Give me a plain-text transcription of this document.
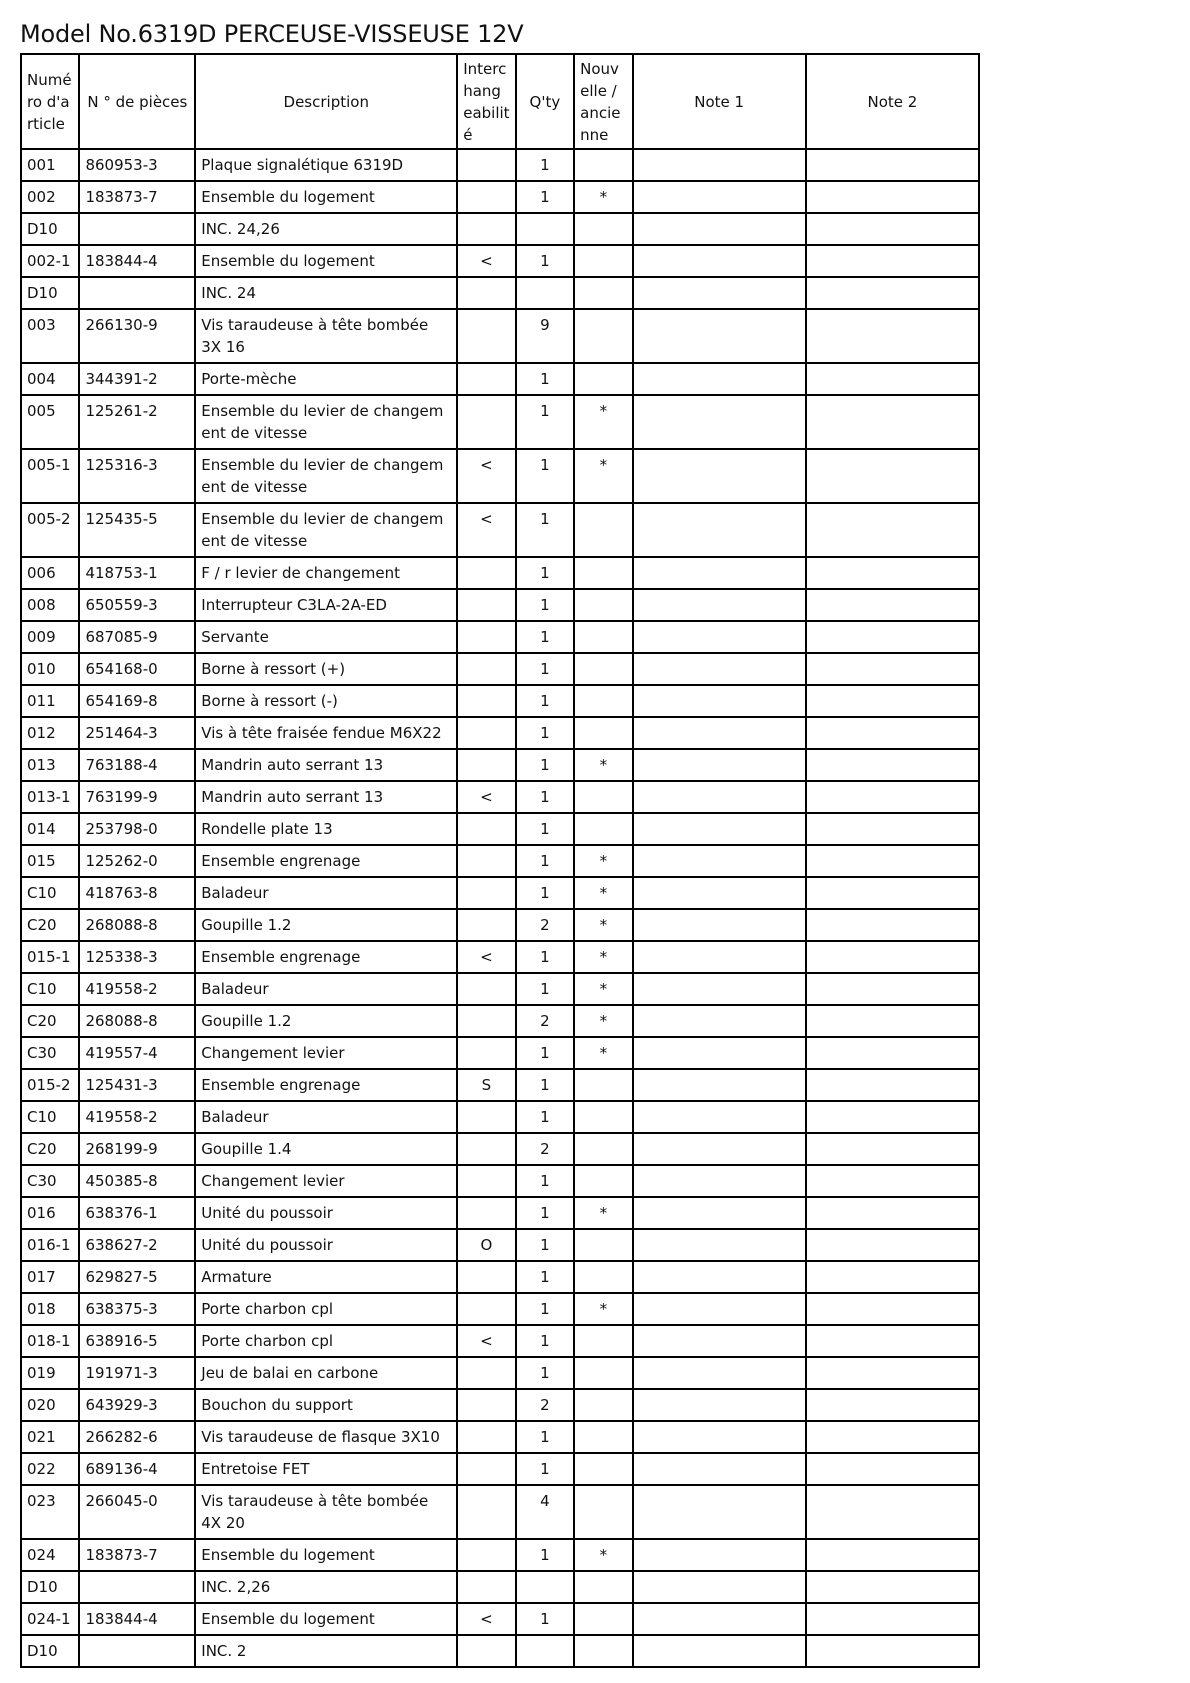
Model No.6319D PERCEUSE-VISSEUSE 12V
Numé ro d'a rticle	N ° de pièces	Description	Interc hang eabilit é	Q'ty	Nouv elle / ancie nne	Note 1	Note 2
001	860953-3	Plaque signalétique 6319D		1			
002	183873-7	Ensemble du logement		1	*		
D10		INC. 24,26					
002-1	183844-4	Ensemble du logement	<	1			
D10		INC. 24					
003	266130-9	Vis taraudeuse à tête bombée 3X 16		9			
004	344391-2	Porte-mèche		1			
005	125261-2	Ensemble du levier de changem ent de vitesse		1	*		
005-1	125316-3	Ensemble du levier de changem ent de vitesse	<	1	*		
005-2	125435-5	Ensemble du levier de changem ent de vitesse	<	1			
006	418753-1	F / r levier de changement		1			
008	650559-3	Interrupteur C3LA-2A-ED		1			
009	687085-9	Servante		1			
010	654168-0	Borne à ressort (+)		1			
011	654169-8	Borne à ressort (-)		1			
012	251464-3	Vis à tête fraisée fendue M6X22		1			
013	763188-4	Mandrin auto serrant 13		1	*		
013-1	763199-9	Mandrin auto serrant 13	<	1			
014	253798-0	Rondelle plate 13		1			
015	125262-0	Ensemble engrenage		1	*		
C10	418763-8	Baladeur		1	*		
C20	268088-8	Goupille 1.2		2	*		
015-1	125338-3	Ensemble engrenage	<	1	*		
C10	419558-2	Baladeur		1	*		
C20	268088-8	Goupille 1.2		2	*		
C30	419557-4	Changement levier		1	*		
015-2	125431-3	Ensemble engrenage	S	1			
C10	419558-2	Baladeur		1			
C20	268199-9	Goupille 1.4		2			
C30	450385-8	Changement levier		1			
016	638376-1	Unité du poussoir		1	*		
016-1	638627-2	Unité du poussoir	O	1			
017	629827-5	Armature		1			
018	638375-3	Porte charbon cpl		1	*		
018-1	638916-5	Porte charbon cpl	<	1			
019	191971-3	Jeu de balai en carbone		1			
020	643929-3	Bouchon du support		2			
021	266282-6	Vis taraudeuse de flasque 3X10		1			
022	689136-4	Entretoise FET		1			
023	266045-0	Vis taraudeuse à tête bombée 4X 20		4			
024	183873-7	Ensemble du logement		1	*		
D10		INC. 2,26					
024-1	183844-4	Ensemble du logement	<	1			
D10		INC. 2					
